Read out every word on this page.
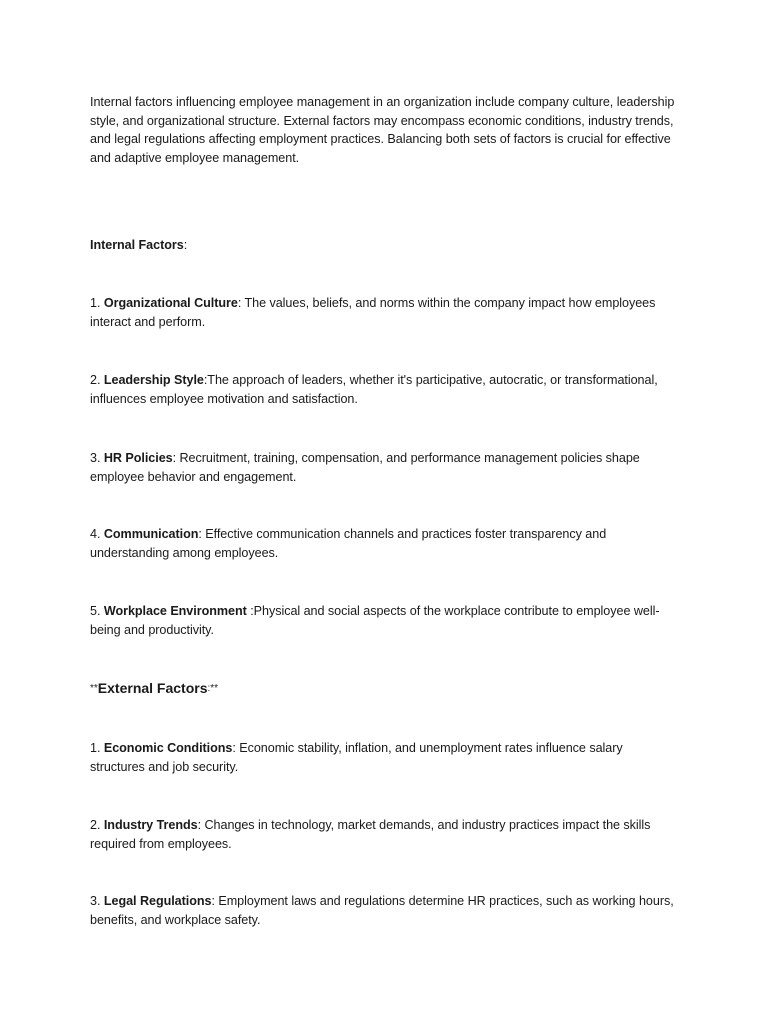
Internal factors influencing employee management in an organization include company culture, leadership style, and organizational structure. External factors may encompass economic conditions, industry trends, and legal regulations affecting employment practices. Balancing both sets of factors is crucial for effective and adaptive employee management.

Internal Factors:

1. Organizational Culture: The values, beliefs, and norms within the company impact how employees interact and perform.

2. Leadership Style:The approach of leaders, whether it's participative, autocratic, or transformational, influences employee motivation and satisfaction.

3. HR Policies: Recruitment, training, compensation, and performance management policies shape employee behavior and engagement.

4. Communication: Effective communication channels and practices foster transparency and understanding among employees.

5. Workplace Environment :Physical and social aspects of the workplace contribute to employee well-being and productivity.

**External Factors:**

1. Economic Conditions: Economic stability, inflation, and unemployment rates influence salary structures and job security.

2. Industry Trends: Changes in technology, market demands, and industry practices impact the skills required from employees.

3. Legal Regulations: Employment laws and regulations determine HR practices, such as working hours, benefits, and workplace safety.
